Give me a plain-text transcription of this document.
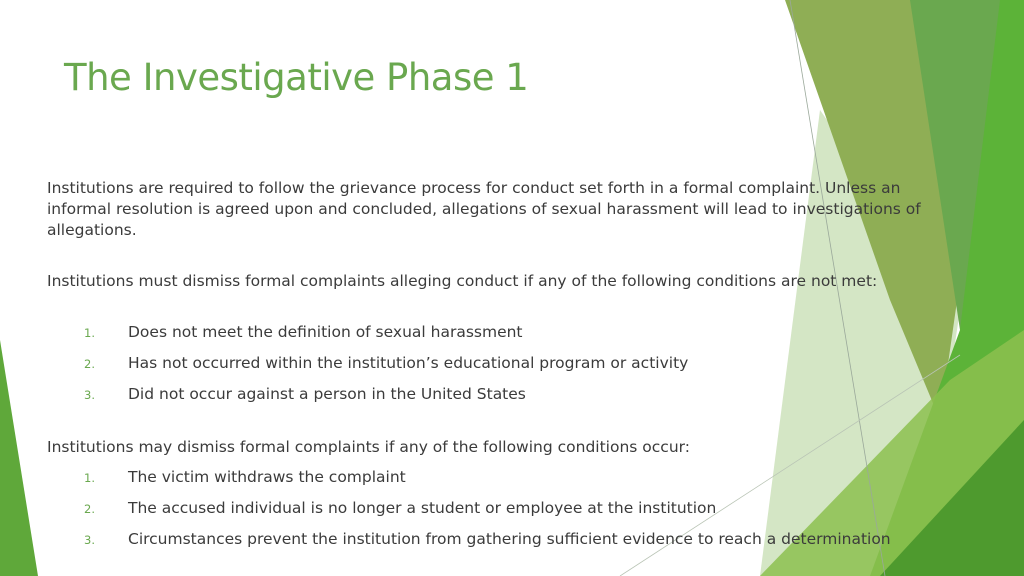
The Investigative Phase 1
Institutions are required to follow the grievance process for conduct set forth in a formal complaint. Unless an informal resolution is agreed upon and concluded, allegations of sexual harassment will lead to investigations of allegations.
Institutions must dismiss formal complaints alleging conduct if any of the following conditions are not met:
1. Does not meet the definition of sexual harassment
2. Has not occurred within the institution’s educational program or activity
3. Did not occur against a person in the United States
Institutions may dismiss formal complaints if any of the following conditions occur:
1. The victim withdraws the complaint
2. The accused individual is no longer a student or employee at the institution
3. Circumstances prevent the institution from gathering sufficient evidence to reach a determination
